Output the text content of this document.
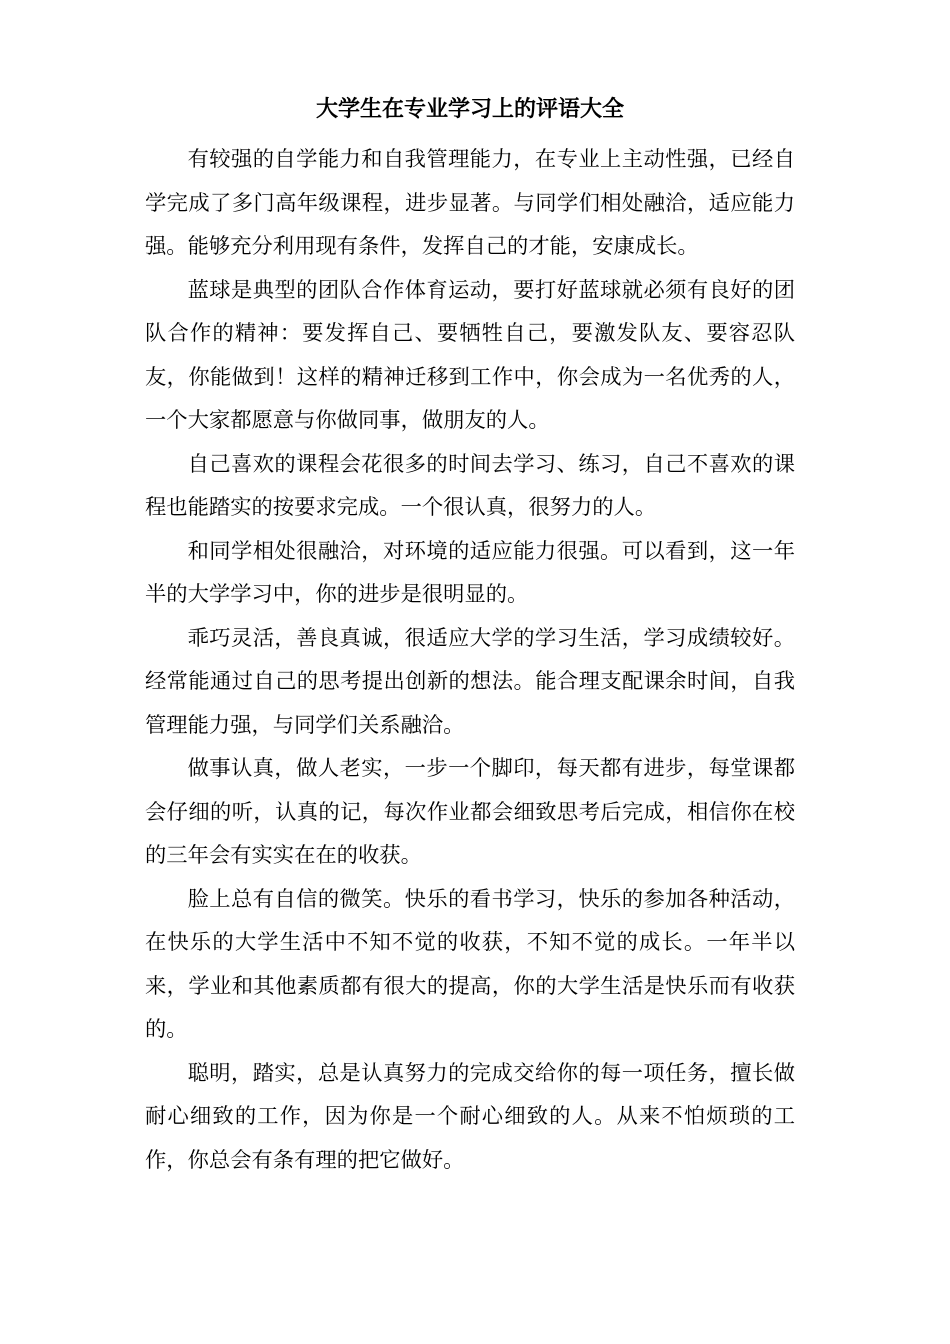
大学生在专业学习上的评语大全

有较强的自学能力和自我管理能力，在专业上主动性强，已经自学完成了多门高年级课程，进步显著。与同学们相处融洽，适应能力强。能够充分利用现有条件，发挥自己的才能，安康成长。

蓝球是典型的团队合作体育运动，要打好蓝球就必须有良好的团队合作的精神：要发挥自己、要牺牲自己，要激发队友、要容忍队友，你能做到！这样的精神迁移到工作中，你会成为一名优秀的人，一个大家都愿意与你做同事，做朋友的人。

自己喜欢的课程会花很多的时间去学习、练习，自己不喜欢的课程也能踏实的按要求完成。一个很认真，很努力的人。

和同学相处很融洽，对环境的适应能力很强。可以看到，这一年半的大学学习中，你的进步是很明显的。

乖巧灵活，善良真诚，很适应大学的学习生活，学习成绩较好。经常能通过自己的思考提出创新的想法。能合理支配课余时间，自我管理能力强，与同学们关系融洽。

做事认真，做人老实，一步一个脚印，每天都有进步，每堂课都会仔细的听，认真的记，每次作业都会细致思考后完成，相信你在校的三年会有实实在在的收获。

脸上总有自信的微笑。快乐的看书学习，快乐的参加各种活动，在快乐的大学生活中不知不觉的收获，不知不觉的成长。一年半以来，学业和其他素质都有很大的提高，你的大学生活是快乐而有收获的。

聪明，踏实，总是认真努力的完成交给你的每一项任务，擅长做耐心细致的工作，因为你是一个耐心细致的人。从来不怕烦琐的工作，你总会有条有理的把它做好。
